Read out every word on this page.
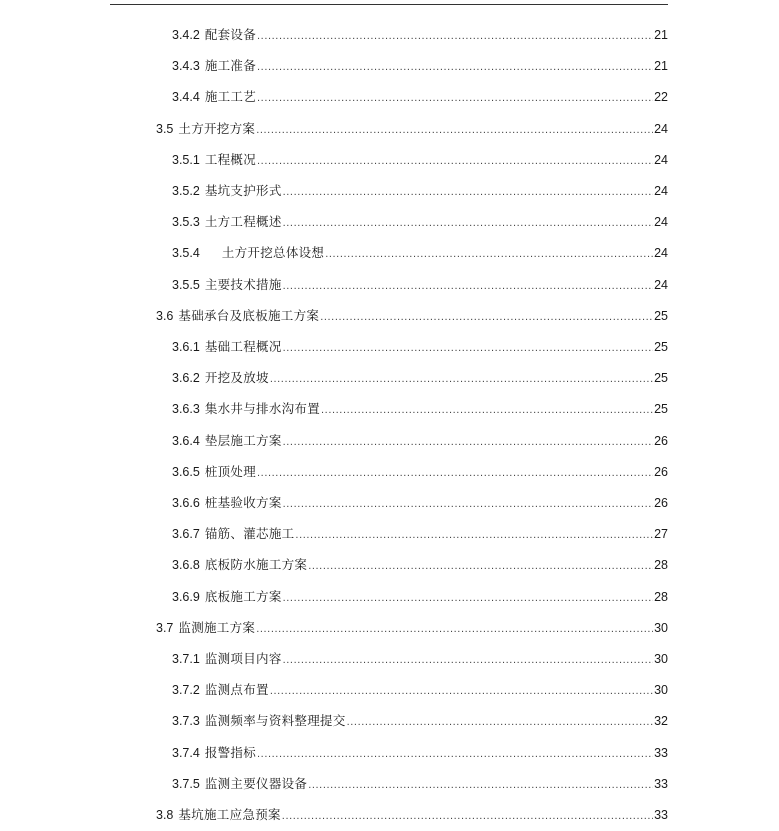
3.4.2 配套设备 .....	21
3.4.3 施工准备 .....	21
3.4.4 施工工艺 .....	22
3.5 土方开挖方案 .....	24
3.5.1 工程概况 .....	24
3.5.2 基坑支护形式 .....	24
3.5.3 土方工程概述 .....	24
3.5.4 土方开挖总体设想 .....	24
3.5.5 主要技术措施 .....	24
3.6 基础承台及底板施工方案 .....	25
3.6.1 基础工程概况 .....	25
3.6.2 开挖及放坡 .....	25
3.6.3 集水井与排水沟布置 .....	25
3.6.4 垫层施工方案 .....	26
3.6.5 桩顶处理 .....	26
3.6.6 桩基验收方案 .....	26
3.6.7 锚筋、灌芯施工 .....	27
3.6.8 底板防水施工方案 .....	28
3.6.9 底板施工方案 .....	28
3.7 监测施工方案 .....	30
3.7.1 监测项目内容 .....	30
3.7.2 监测点布置 .....	30
3.7.3 监测频率与资料整理提交 .....	32
3.7.4 报警指标 .....	33
3.7.5 监测主要仪器设备 .....	33
3.8 基坑施工应急预案 .....	33
